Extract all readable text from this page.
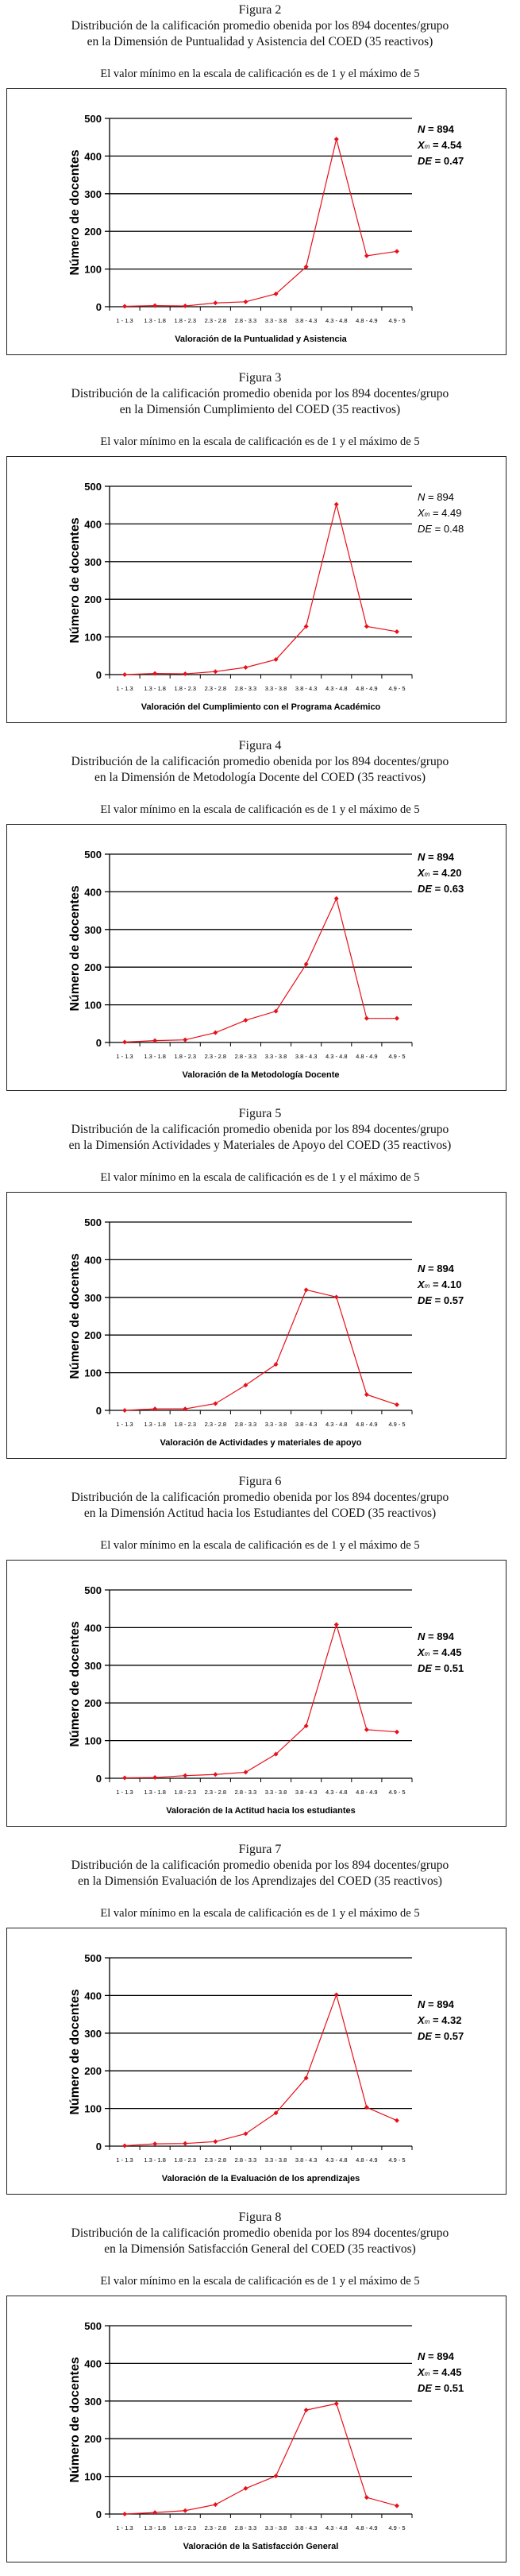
Figura 2
Distribución de la calificación promedio obenida por los 894 docentes/grupo
en la Dimensión de Puntualidad y Asistencia del COED (35 reactivos)
El valor mínimo en la escala de calificación es de 1 y el máximo de 5
0
100
200
300
400
500
1 - 1.3 1.3 - 1.8 1.8 - 2.3 2.3 - 2.8 2.8 - 3.3 3.3 - 3.8 3.8 - 4.3 4.3 - 4.8 4.8 - 4.9 4.9 - 5
Número de docentes
Valoración de la Puntualidad y Asistencia
N = 894
Xm = 4.54
DE = 0.47
Figura 3
Distribución de la calificación promedio obenida por los 894 docentes/grupo
en la Dimensión Cumplimiento del COED (35 reactivos)
El valor mínimo en la escala de calificación es de 1 y el máximo de 5
0
100
200
300
400
500
1 - 1.3 1.3 - 1.8 1.8 - 2.3 2.3 - 2.8 2.8 - 3.3 3.3 - 3.8 3.8 - 4.3 4.3 - 4.8 4.8 - 4.9 4.9 - 5
Número de docentes
Valoración del Cumplimiento con el Programa Académico
N = 894
Xm = 4.49
DE = 0.48
Figura 4
Distribución de la calificación promedio obenida por los 894 docentes/grupo
en la Dimensión de Metodología Docente del COED (35 reactivos)
El valor mínimo en la escala de calificación es de 1 y el máximo de 5
0
100
200
300
400
500
1 - 1.3 1.3 - 1.8 1.8 - 2.3 2.3 - 2.8 2.8 - 3.3 3.3 - 3.8 3.8 - 4.3 4.3 - 4.8 4.8 - 4.9 4.9 - 5
Número de docentes
Valoración de la Metodología Docente
N = 894
Xm = 4.20
DE = 0.63
Figura 5
Distribución de la calificación promedio obenida por los 894 docentes/grupo
en la Dimensión Actividades y Materiales de Apoyo del COED (35 reactivos)
El valor mínimo en la escala de calificación es de 1 y el máximo de 5
0
100
200
300
400
500
1 - 1.3 1.3 - 1.8 1.8 - 2.3 2.3 - 2.8 2.8 - 3.3 3.3 - 3.8 3.8 - 4.3 4.3 - 4.8 4.8 - 4.9 4.9 - 5
Número de docentes
Valoración de Actividades y materiales de apoyo
N = 894
Xm = 4.10
DE = 0.57
Figura 6
Distribución de la calificación promedio obenida por los 894 docentes/grupo
en la Dimensión Actitud hacia los Estudiantes del COED (35 reactivos)
El valor mínimo en la escala de calificación es de 1 y el máximo de 5
0
100
200
300
400
500
1 - 1.3 1.3 - 1.8 1.8 - 2.3 2.3 - 2.8 2.8 - 3.3 3.3 - 3.8 3.8 - 4.3 4.3 - 4.8 4.8 - 4.9 4.9 - 5
Número de docentes
Valoración de la Actitud hacia los estudiantes
N = 894
Xm = 4.45
DE = 0.51
Figura 7
Distribución de la calificación promedio obenida por los 894 docentes/grupo
en la Dimensión Evaluación de los Aprendizajes del COED (35 reactivos)
El valor mínimo en la escala de calificación es de 1 y el máximo de 5
0
100
200
300
400
500
1 - 1.3 1.3 - 1.8 1.8 - 2.3 2.3 - 2.8 2.8 - 3.3 3.3 - 3.8 3.8 - 4.3 4.3 - 4.8 4.8 - 4.9 4.9 - 5
Número de docentes
Valoración de la Evaluación de los aprendizajes
N = 894
Xm = 4.32
DE = 0.57
Figura 8
Distribución de la calificación promedio obenida por los 894 docentes/grupo
en la Dimensión Satisfacción General del COED (35 reactivos)
El valor mínimo en la escala de calificación es de 1 y el máximo de 5
0
100
200
300
400
500
1 - 1.3 1.3 - 1.8 1.8 - 2.3 2.3 - 2.8 2.8 - 3.3 3.3 - 3.8 3.8 - 4.3 4.3 - 4.8 4.8 - 4.9 4.9 - 5
Número de docentes
Valoración de la Satisfacción General
N = 894
Xm = 4.45
DE = 0.51
